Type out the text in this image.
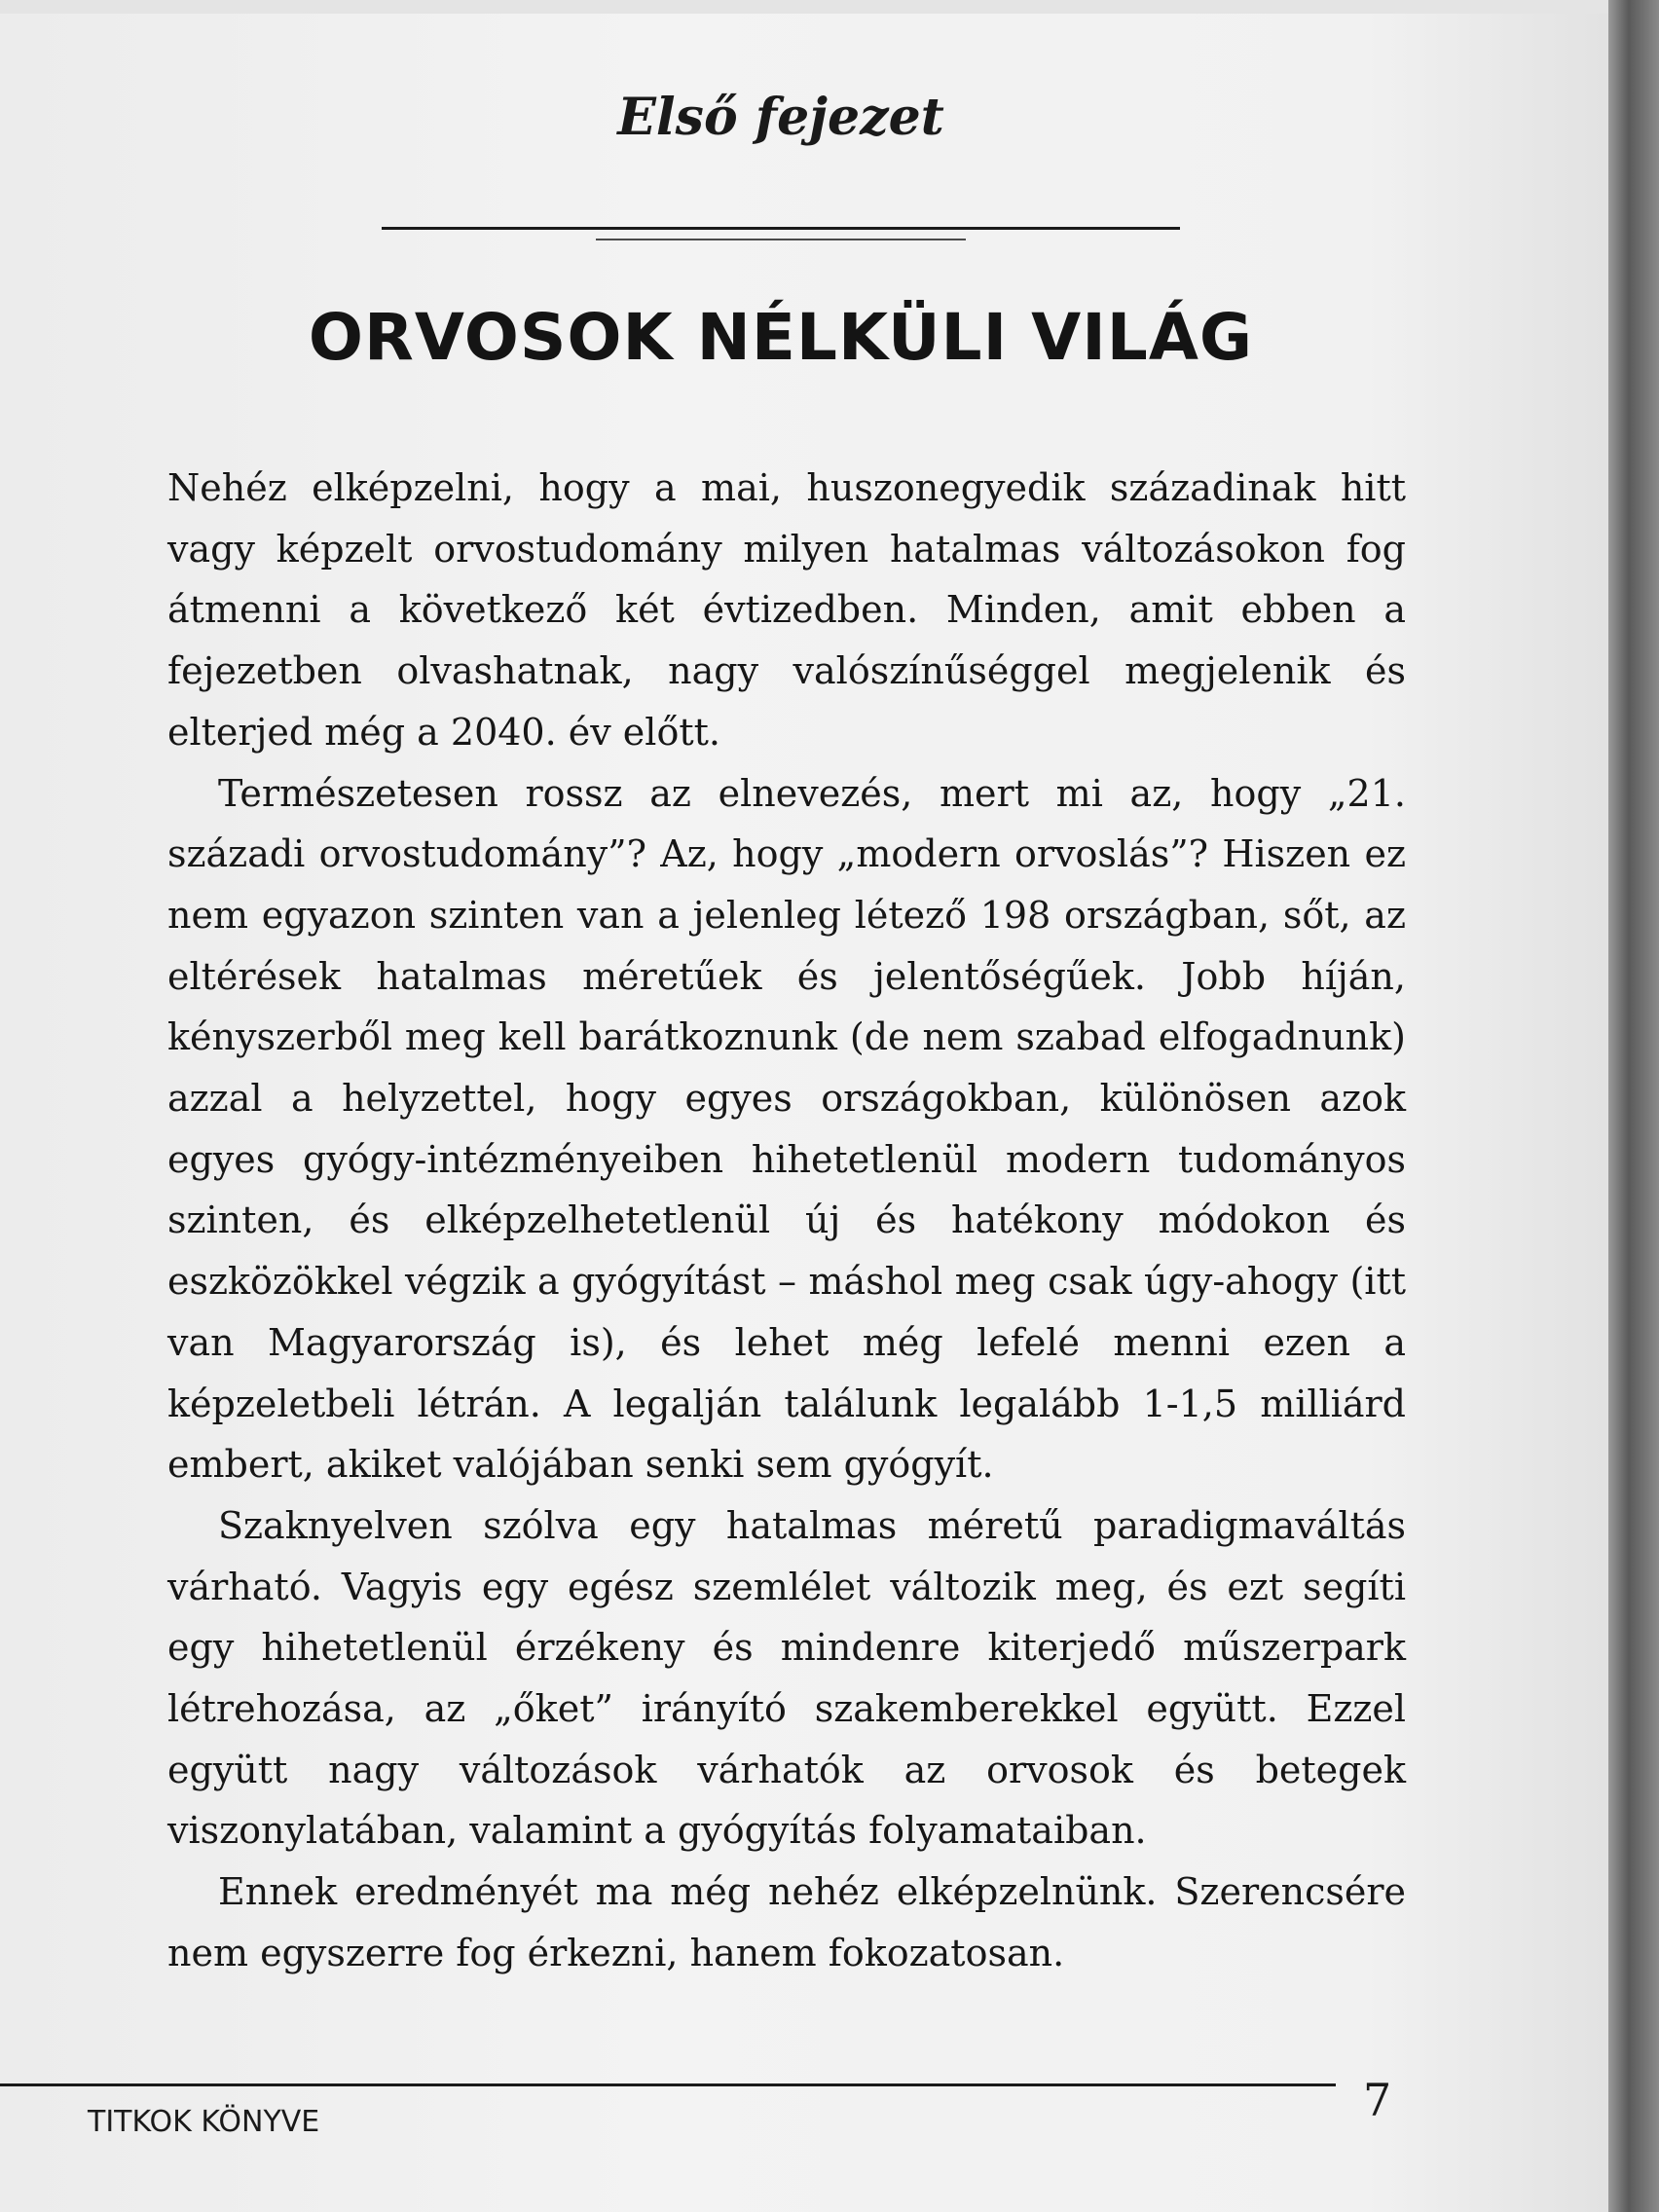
Első fejezet
ORVOSOK NÉLKÜLI VILÁG

Nehéz elképzelni, hogy a mai, huszonegyedik századinak hitt vagy képzelt orvostudomány milyen hatalmas változásokon fog átmenni a következő két évtizedben. Minden, amit ebben a fejezetben olvashatnak, nagy valószínűséggel megjelenik és elterjed még a 2040. év előtt.

Természetesen rossz az elnevezés, mert mi az, hogy „21. századi orvostudomány”? Az, hogy „modern orvoslás”? Hiszen ez nem egyazon szinten van a jelenleg létező 198 országban, sőt, az eltérések hatalmas méretűek és jelentőségűek. Jobb híján, kényszerből meg kell barátkoznunk (de nem szabad elfogadnunk) azzal a helyzettel, hogy egyes országokban, különösen azok egyes gyógy-intézményeiben hihetetlenül modern tudományos szinten, és elképzelhetetlenül új és hatékony módokon és eszközökkel végzik a gyógyítást – máshol meg csak úgy-ahogy (itt van Magyarország is), és lehet még lefelé menni ezen a képzeletbeli létrán. A legalján találunk legalább 1-1,5 milliárd embert, akiket valójában senki sem gyógyít.

Szaknyelven szólva egy hatalmas méretű paradigmaváltás várható. Vagyis egy egész szemlélet változik meg, és ezt segíti egy hihetetlenül érzékeny és mindenre kiterjedő műszerpark létrehozása, az „őket” irányító szakemberekkel együtt. Ezzel együtt nagy változások várhatók az orvosok és betegek viszonylatában, valamint a gyógyítás folyamataiban.

Ennek eredményét ma még nehéz elképzelnünk. Szerencsére nem egyszerre fog érkezni, hanem fokozatosan.

TITKOK KÖNYVE	7
